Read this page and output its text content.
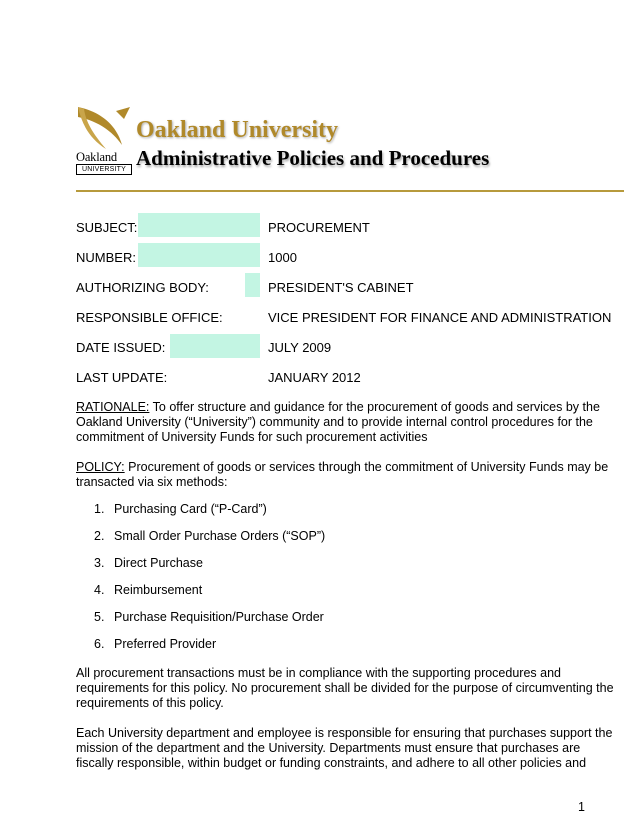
Oakland
UNIVERSITY
Oakland University
Administrative Policies and Procedures
SUBJECT:	PROCUREMENT
NUMBER:	1000
AUTHORIZING BODY:	PRESIDENT'S CABINET
RESPONSIBLE OFFICE:	VICE PRESIDENT FOR FINANCE AND ADMINISTRATION
DATE ISSUED:	JULY 2009
LAST UPDATE:	JANUARY 2012
RATIONALE: To offer structure and guidance for the procurement of goods and services by the Oakland University (“University”) community and to provide internal control procedures for the commitment of University Funds for such procurement activities
POLICY: Procurement of goods or services through the commitment of University Funds may be transacted via six methods:
1. Purchasing Card (“P-Card”)
2. Small Order Purchase Orders (“SOP”)
3. Direct Purchase
4. Reimbursement
5. Purchase Requisition/Purchase Order
6. Preferred Provider
All procurement transactions must be in compliance with the supporting procedures and requirements for this policy. No procurement shall be divided for the purpose of circumventing the requirements of this policy.
Each University department and employee is responsible for ensuring that purchases support the mission of the department and the University. Departments must ensure that purchases are fiscally responsible, within budget or funding constraints, and adhere to all other policies and
1
